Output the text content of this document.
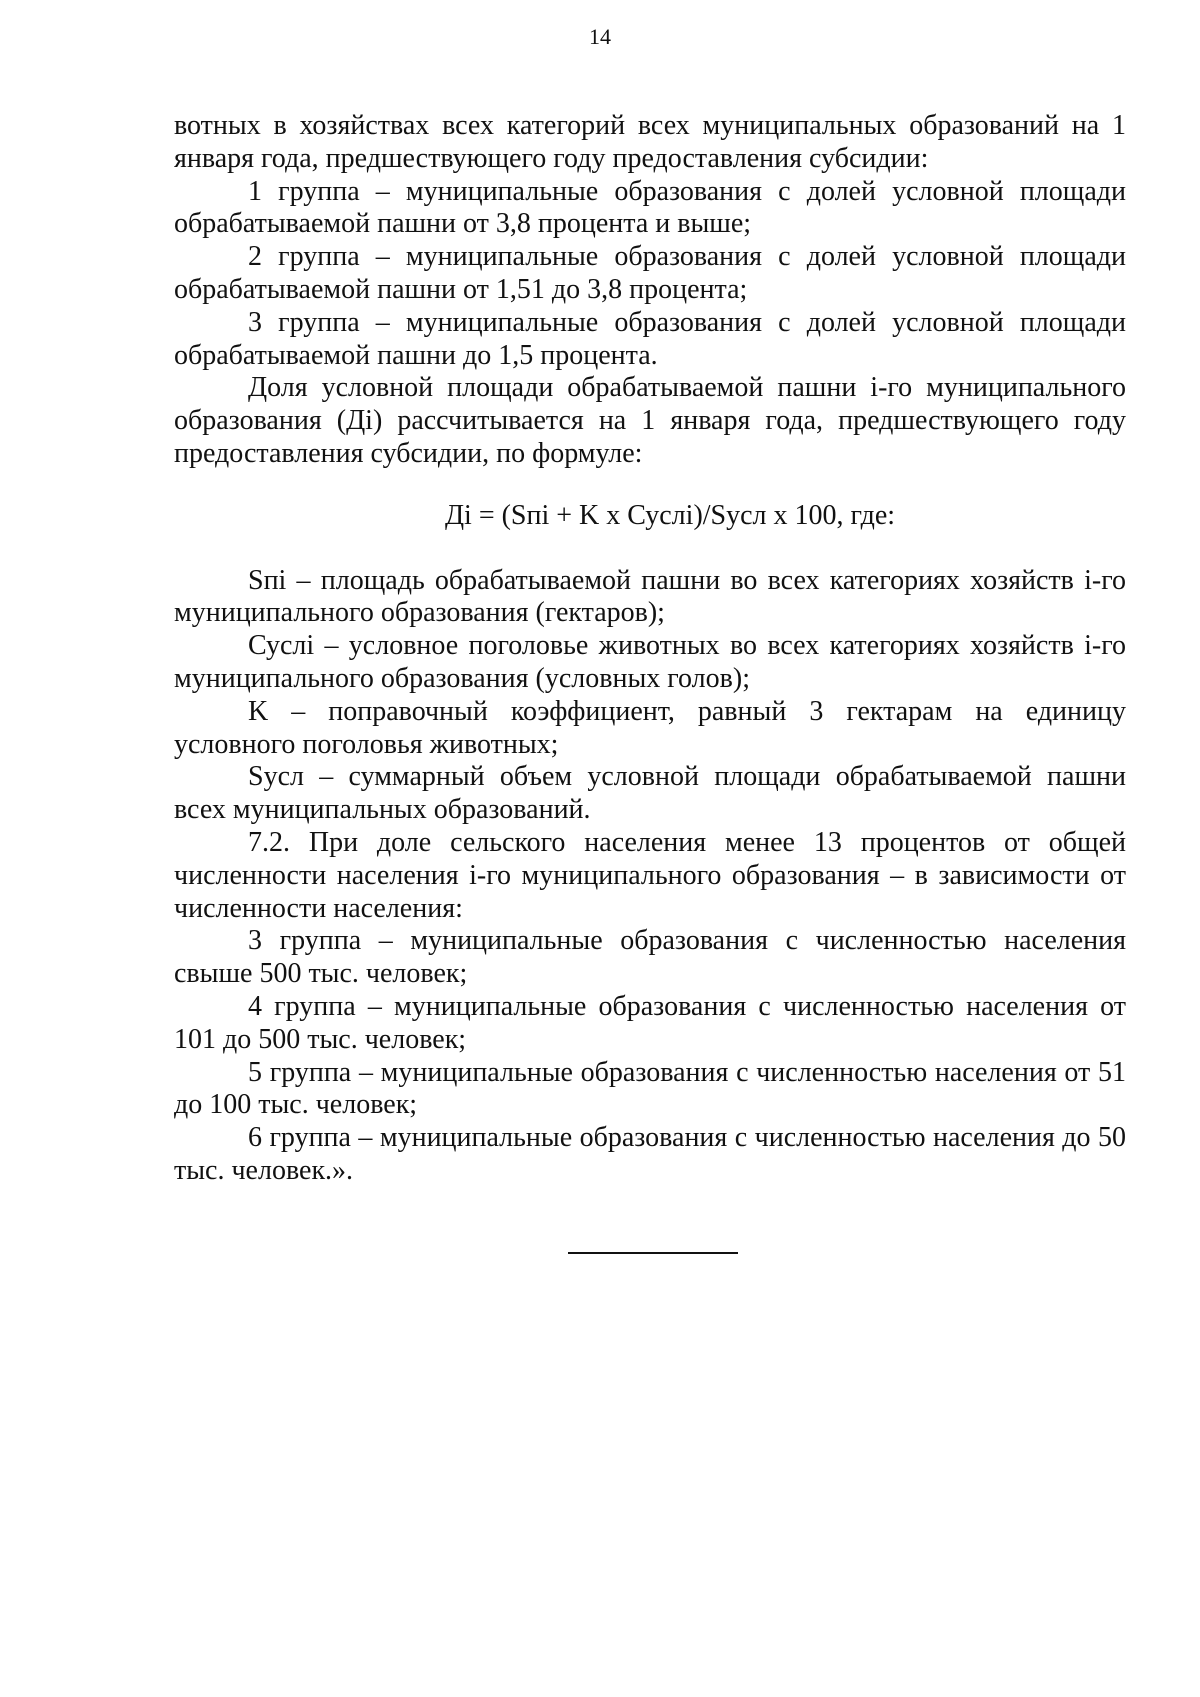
14

вотных в хозяйствах всех категорий всех муниципальных образований на 1 января года, предшествующего году предоставления субсидии:

1 группа – муниципальные образования с долей условной площади обрабатываемой пашни от 3,8 процента и выше;

2 группа – муниципальные образования с долей условной площади обрабатываемой пашни от 1,51 до 3,8 процента;

3 группа – муниципальные образования с долей условной площади обрабатываемой пашни до 1,5 процента.

Доля условной площади обрабатываемой пашни i-го муниципального образования (Дi) рассчитывается на 1 января года, предшествующего году предоставления субсидии, по формуле:

Дi = (Sпi + K x Суслi)/Sусл x 100, где:

Sпi – площадь обрабатываемой пашни во всех категориях хозяйств i-го муниципального образования (гектаров);

Суслi – условное поголовье животных во всех категориях хозяйств i-го муниципального образования (условных голов);

K – поправочный коэффициент, равный 3 гектарам на единицу условного поголовья животных;

Sусл – суммарный объем условной площади обрабатываемой пашни всех муниципальных образований.

7.2. При доле сельского населения менее 13 процентов от общей численности населения i-го муниципального образования – в зависимости от численности населения:

3 группа – муниципальные образования с численностью населения свыше 500 тыс. человек;

4 группа – муниципальные образования с численностью населения от 101 до 500 тыс. человек;

5 группа – муниципальные образования с численностью населения от 51 до 100 тыс. человек;

6 группа – муниципальные образования с численностью населения до 50 тыс. человек.».
